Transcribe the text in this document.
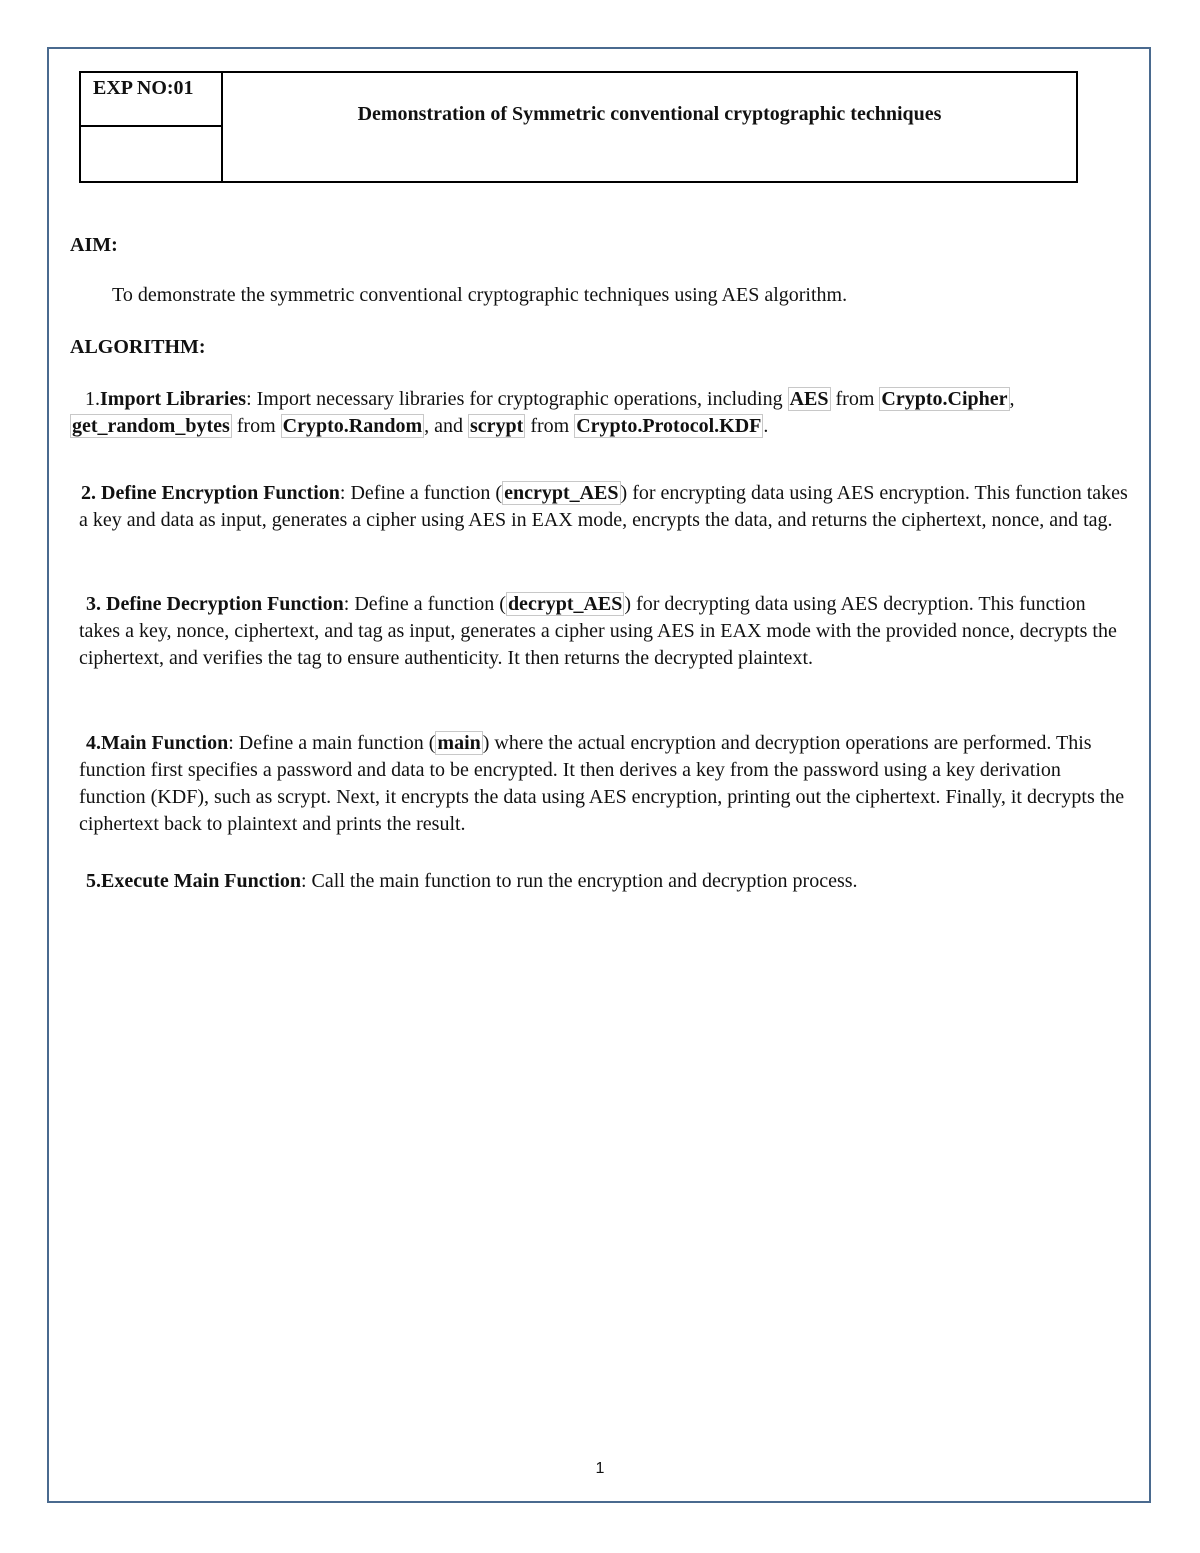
EXP NO:01	Demonstration of Symmetric conventional cryptographic techniques

AIM:

To demonstrate the symmetric conventional cryptographic techniques using AES algorithm.

ALGORITHM:

1.Import Libraries: Import necessary libraries for cryptographic operations, including AES from Crypto.Cipher , get_random_bytes from Crypto.Random , and scrypt from Crypto.Protocol.KDF .

2. Define Encryption Function: Define a function ( encrypt_AES ) for encrypting data using AES encryption. This function takes a key and data as input, generates a cipher using AES in EAX mode, encrypts the data, and returns the ciphertext, nonce, and tag.

3. Define Decryption Function: Define a function ( decrypt_AES ) for decrypting data using AES decryption. This function takes a key, nonce, ciphertext, and tag as input, generates a cipher using AES in EAX mode with the provided nonce, decrypts the ciphertext, and verifies the tag to ensure authenticity. It then returns the decrypted plaintext.

4.Main Function: Define a main function ( main ) where the actual encryption and decryption operations are performed. This function first specifies a password and data to be encrypted. It then derives a key from the password using a key derivation function (KDF), such as scrypt. Next, it encrypts the data using AES encryption, printing out the ciphertext. Finally, it decrypts the ciphertext back to plaintext and prints the result.

5.Execute Main Function: Call the main function to run the encryption and decryption process.

1
